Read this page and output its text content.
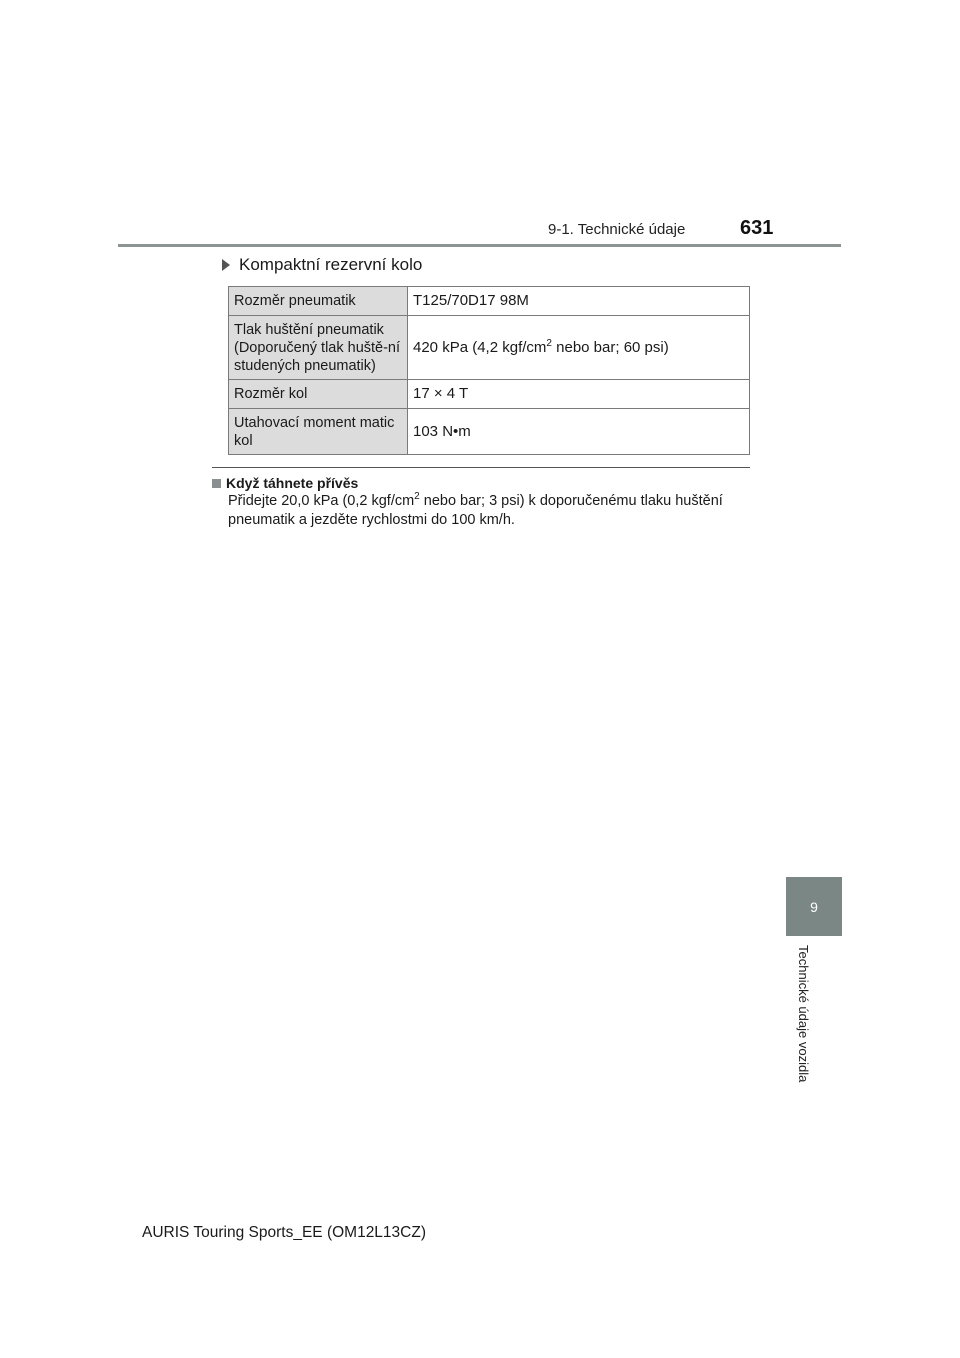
9-1. Technické údaje	631
Kompaktní rezervní kolo
Rozměr pneumatik	T125/70D17 98M
Tlak huštění pneumatik (Doporučený tlak huště-ní studených pneumatik)	420 kPa (4,2 kgf/$cm^2$ nebo bar; 60 psi)
Rozměr kol	17 × 4 T
Utahovací moment matic kol	103 N•m
Když táhnete přívěs
Přidejte 20,0 kPa (0,2 kgf/$cm^2$ nebo bar; 3 psi) k doporučenému tlaku huštění pneumatik a jezděte rychlostmi do 100 km/h.
9
Technické údaje vozidla
AURIS Touring Sports_EE (OM12L13CZ)
